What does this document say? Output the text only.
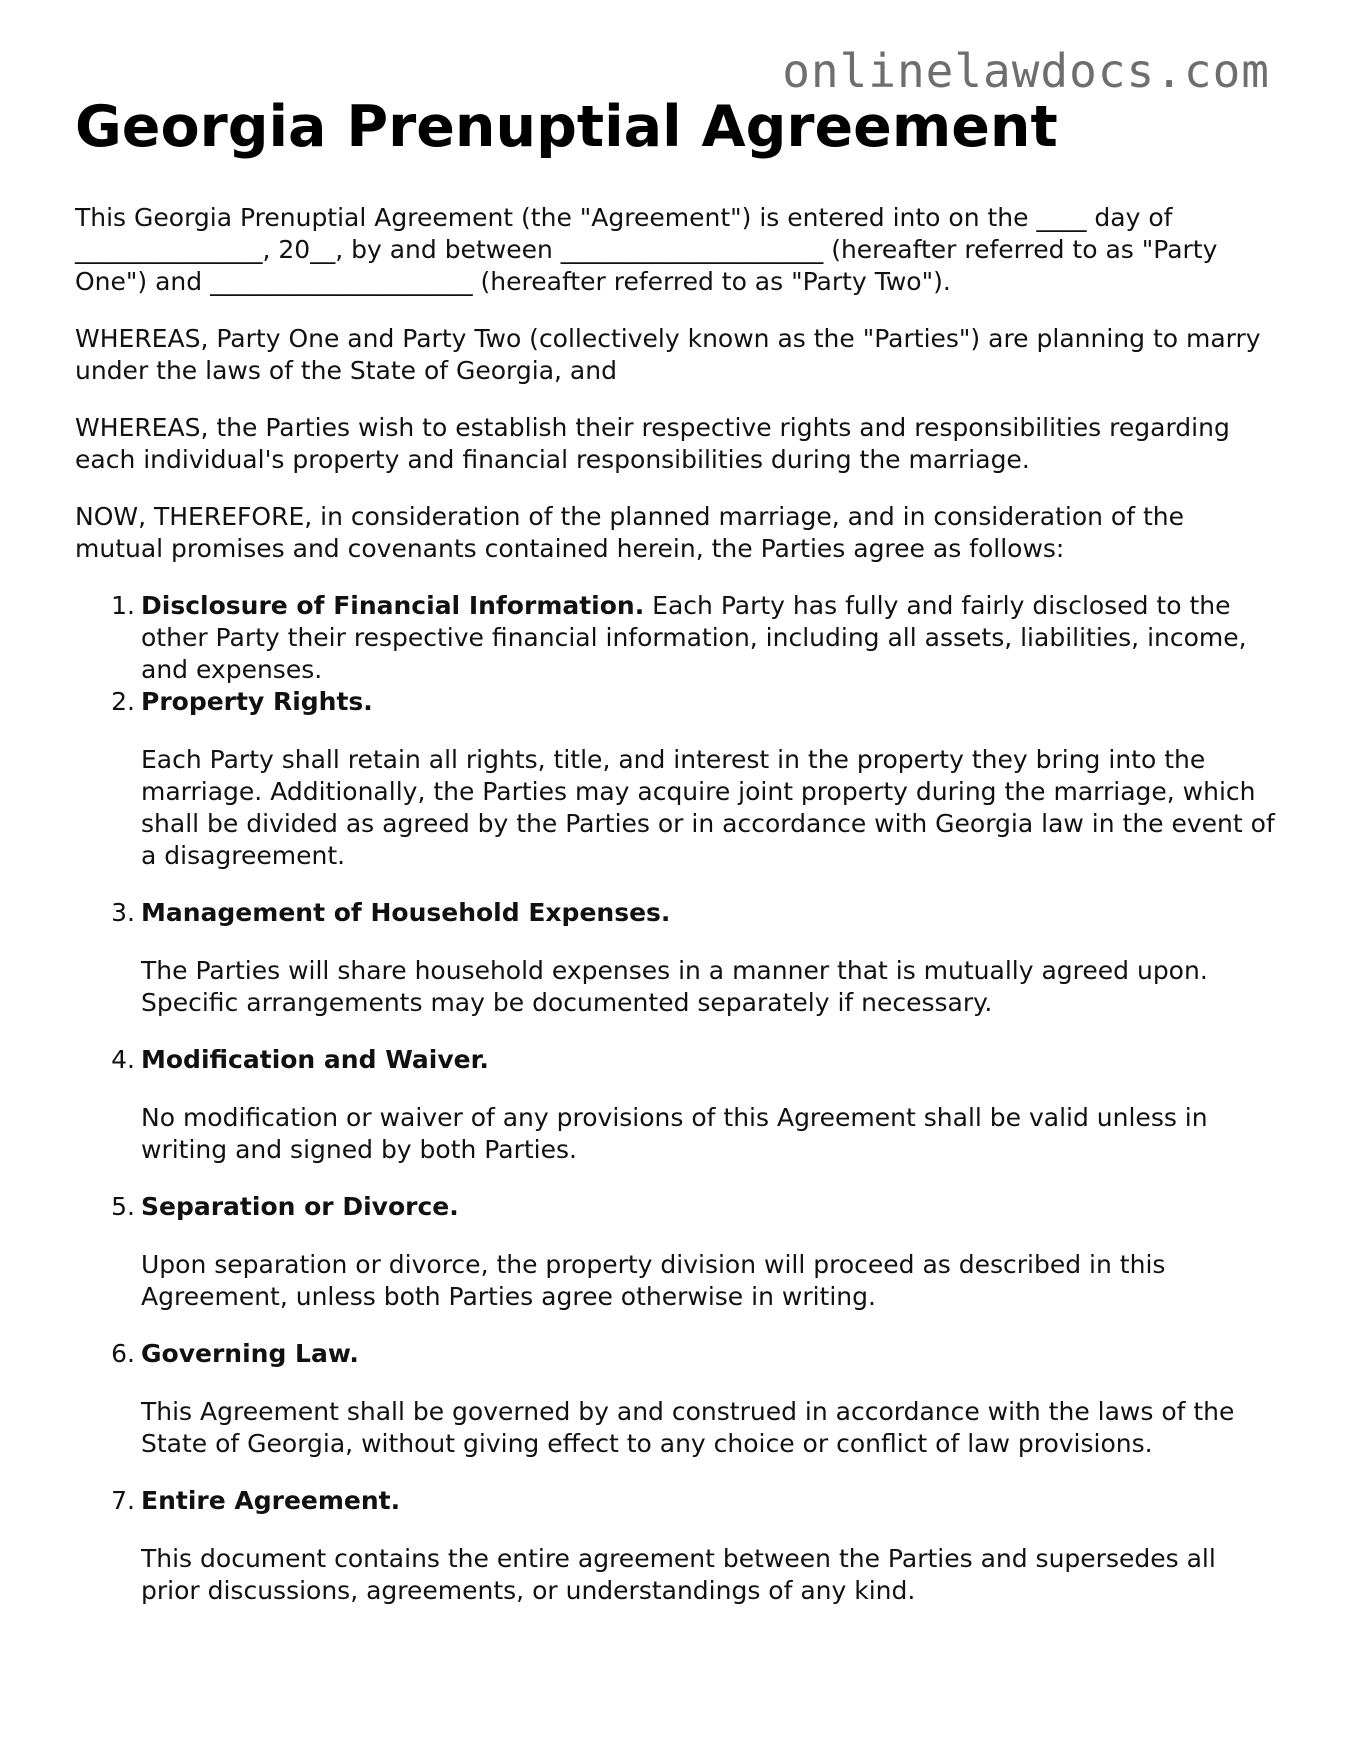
onlinelawdocs.com
Georgia Prenuptial Agreement

This Georgia Prenuptial Agreement (the "Agreement") is entered into on the ____ day of _______________, 20__, by and between _____________________ (hereafter referred to as "Party One") and _____________________ (hereafter referred to as "Party Two").

WHEREAS, Party One and Party Two (collectively known as the "Parties") are planning to marry under the laws of the State of Georgia, and

WHEREAS, the Parties wish to establish their respective rights and responsibilities regarding each individual's property and financial responsibilities during the marriage.

NOW, THEREFORE, in consideration of the planned marriage, and in consideration of the mutual promises and covenants contained herein, the Parties agree as follows:

1. Disclosure of Financial Information. Each Party has fully and fairly disclosed to the other Party their respective financial information, including all assets, liabilities, income, and expenses.
2. Property Rights.

Each Party shall retain all rights, title, and interest in the property they bring into the marriage. Additionally, the Parties may acquire joint property during the marriage, which shall be divided as agreed by the Parties or in accordance with Georgia law in the event of a disagreement.

3. Management of Household Expenses.

The Parties will share household expenses in a manner that is mutually agreed upon. Specific arrangements may be documented separately if necessary.

4. Modification and Waiver.

No modification or waiver of any provisions of this Agreement shall be valid unless in writing and signed by both Parties.

5. Separation or Divorce.

Upon separation or divorce, the property division will proceed as described in this Agreement, unless both Parties agree otherwise in writing.

6. Governing Law.

This Agreement shall be governed by and construed in accordance with the laws of the State of Georgia, without giving effect to any choice or conflict of law provisions.

7. Entire Agreement.

This document contains the entire agreement between the Parties and supersedes all prior discussions, agreements, or understandings of any kind.
